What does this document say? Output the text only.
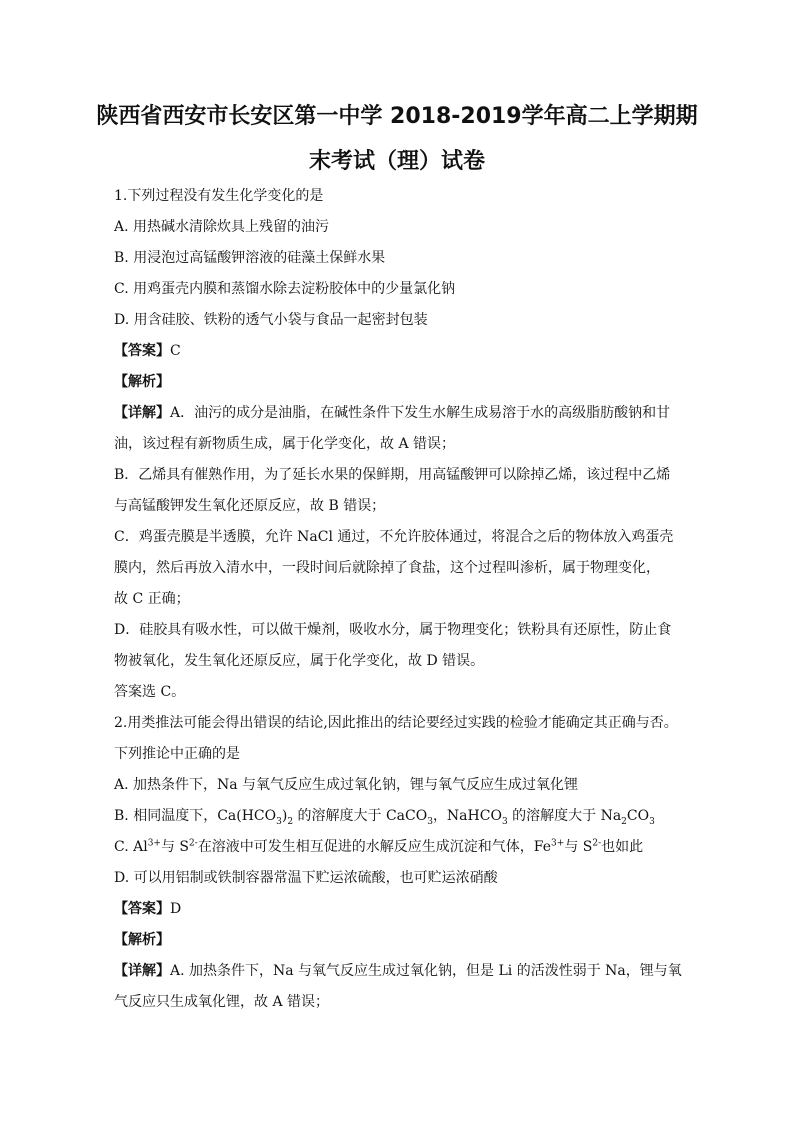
陕西省西安市长安区第一中学 2018-2019学年高二上学期期
末考试（理）试卷

1.下列过程没有发生化学变化的是

A. 用热碱水清除炊具上残留的油污

B. 用浸泡过高锰酸钾溶液的硅藻土保鲜水果

C. 用鸡蛋壳内膜和蒸馏水除去淀粉胶体中的少量氯化钠

D. 用含硅胶、铁粉的透气小袋与食品一起密封包装

【答案】C

【解析】

【详解】A．油污的成分是油脂，在碱性条件下发生水解生成易溶于水的高级脂肪酸钠和甘

油，该过程有新物质生成，属于化学变化，故 A 错误；

B．乙烯具有催熟作用，为了延长水果的保鲜期，用高锰酸钾可以除掉乙烯，该过程中乙烯

与高锰酸钾发生氧化还原反应，故 B 错误；

C．鸡蛋壳膜是半透膜，允许 NaCl 通过，不允许胶体通过，将混合之后的物体放入鸡蛋壳

膜内，然后再放入清水中，一段时间后就除掉了食盐，这个过程叫渗析，属于物理变化，

故 C 正确；

D．硅胶具有吸水性，可以做干燥剂，吸收水分，属于物理变化；铁粉具有还原性，防止食

物被氧化，发生氧化还原反应，属于化学变化，故 D 错误。

答案选 C。

2.用类推法可能会得出错误的结论,因此推出的结论要经过实践的检验才能确定其正确与否。

下列推论中正确的是

A. 加热条件下，Na 与氧气反应生成过氧化钠，锂与氧气反应生成过氧化锂

B. 相同温度下，$Ca(HCO_3)_2$ 的溶解度大于 CaCO$_3$，NaHCO$_3$ 的溶解度大于 $Na_2CO_3$

C. $Al^{3+}$与 $S^{2-}$在溶液中可发生相互促进的水解反应生成沉淀和气体，$Fe^{3+}$与 $S^{2-}$也如此

D. 可以用铝制或铁制容器常温下贮运浓硫酸，也可贮运浓硝酸

【答案】D

【解析】

【详解】A. 加热条件下，Na 与氧气反应生成过氧化钠，但是 Li 的活泼性弱于 Na，锂与氧

气反应只生成氧化锂，故 A 错误；
